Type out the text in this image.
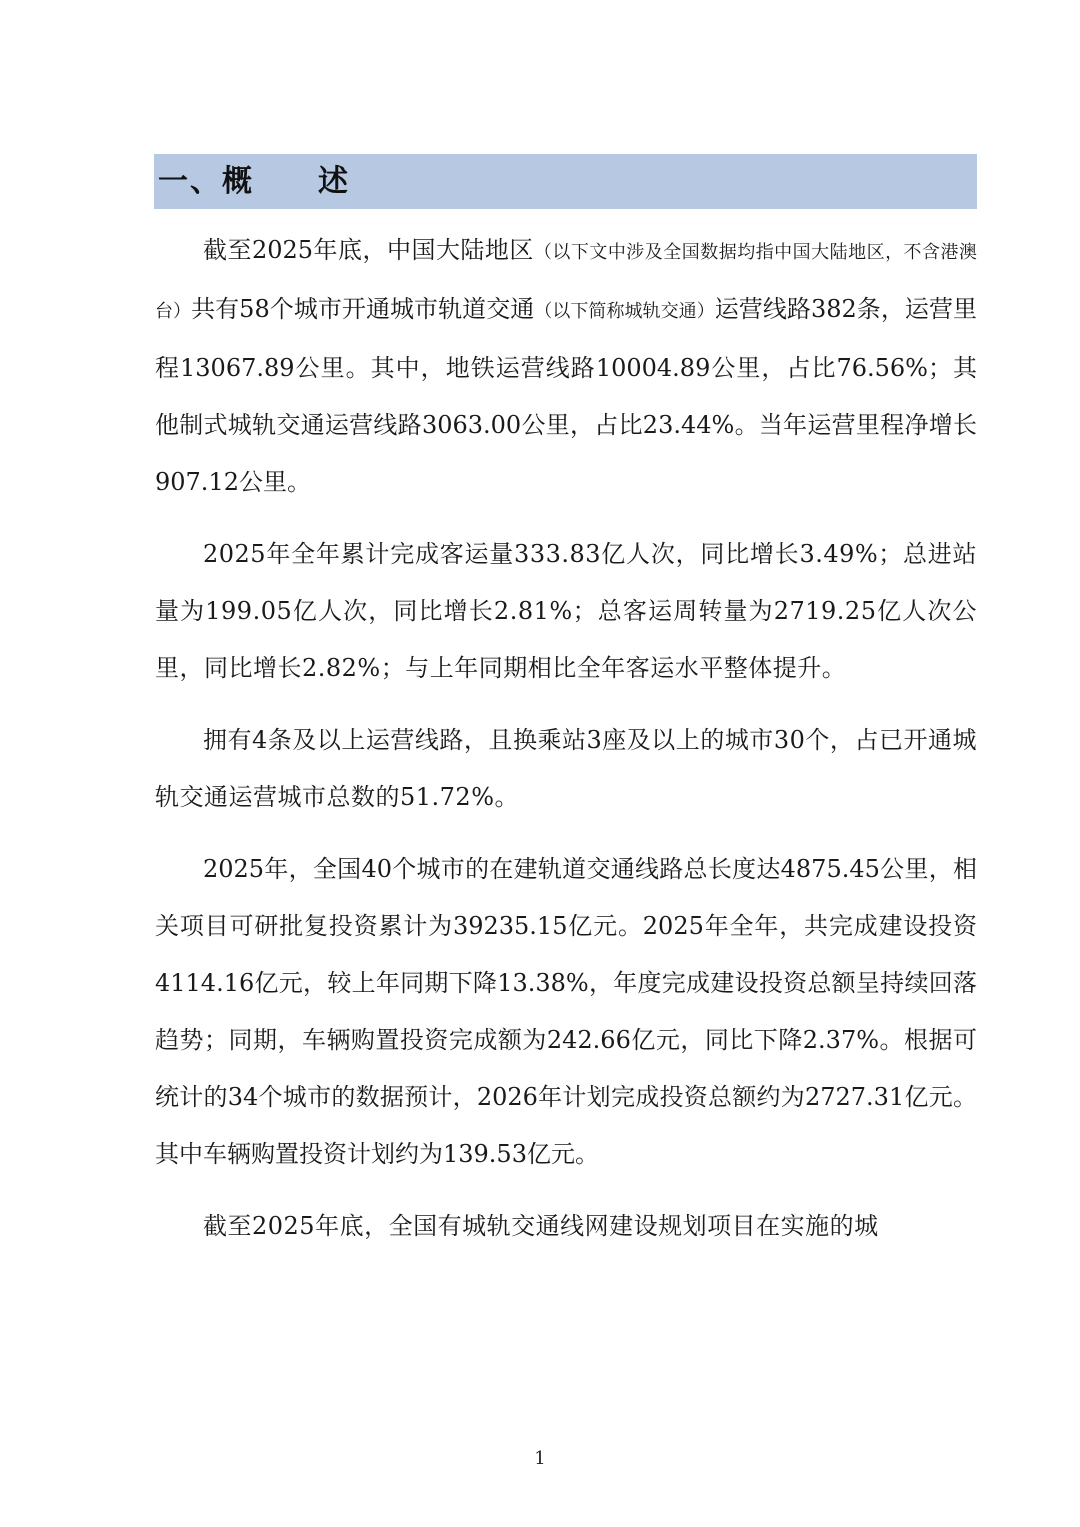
一、概　　述

截至2025年底，中国大陆地区（以下文中涉及全国数据均指中国大陆地区，不含港澳台）共有58个城市开通城市轨道交通（以下简称城轨交通）运营线路382条，运营里程13067.89公里。其中，地铁运营线路10004.89公里，占比76.56%；其他制式城轨交通运营线路3063.00公里，占比23.44%。当年运营里程净增长907.12公里。

2025年全年累计完成客运量333.83亿人次，同比增长3.49%；总进站量为199.05亿人次，同比增长2.81%；总客运周转量为2719.25亿人次公里，同比增长2.82%；与上年同期相比全年客运水平整体提升。

拥有4条及以上运营线路，且换乘站3座及以上的城市30个，占已开通城轨交通运营城市总数的51.72%。

2025年，全国40个城市的在建轨道交通线路总长度达4875.45公里，相关项目可研批复投资累计为39235.15亿元。2025年全年，共完成建设投资4114.16亿元，较上年同期下降13.38%，年度完成建设投资总额呈持续回落趋势；同期，车辆购置投资完成额为242.66亿元，同比下降2.37%。根据可统计的34个城市的数据预计，2026年计划完成投资总额约为2727.31亿元。其中车辆购置投资计划约为139.53亿元。

截至2025年底，全国有城轨交通线网建设规划项目在实施的城

1
